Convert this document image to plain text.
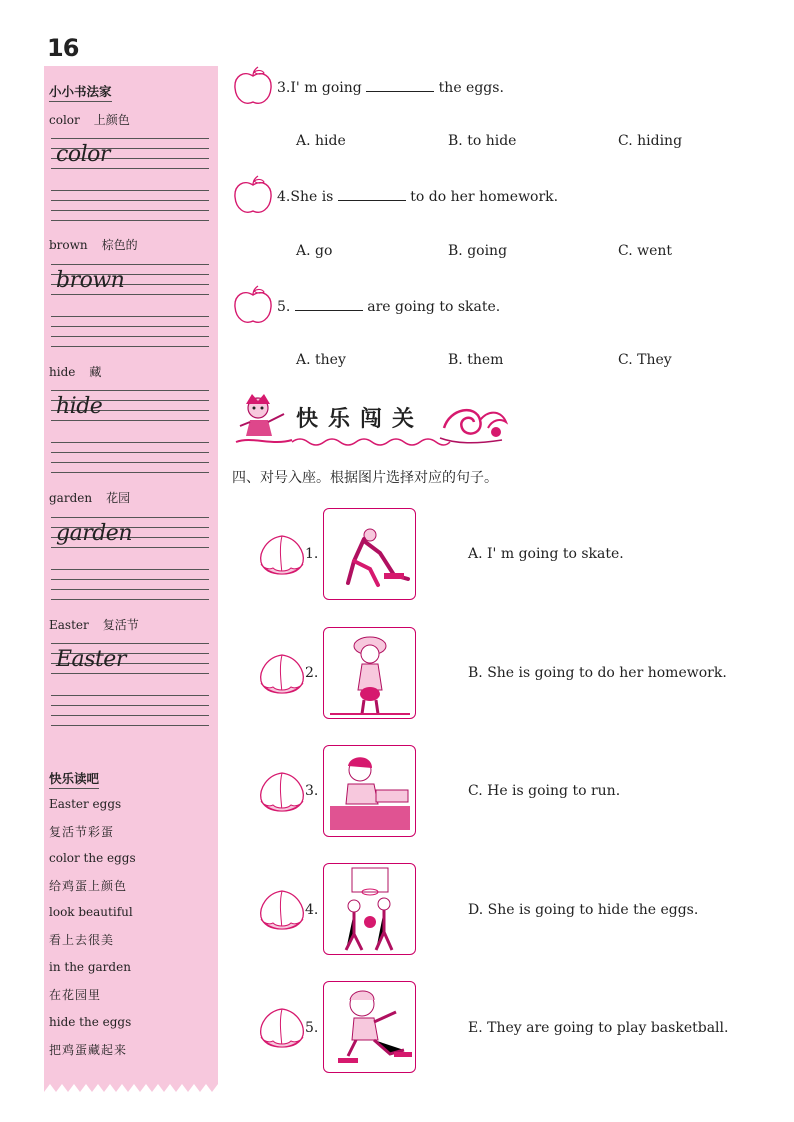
16
小小书法家
color 上颜色
color
brown 棕色的
brown
hide 藏
hide
garden 花园
garden
Easter 复活节
Easter
快乐读吧
Easter eggs
复活节彩蛋
color the eggs
给鸡蛋上颜色
look beautiful
看上去很美
in the garden
在花园里
hide the eggs
把鸡蛋藏起来
3.I' m going	the eggs.
A. hide	B. to hide	C. hiding
4.She is	to do her homework.
A. go	B. going	C. went
5.	are going to skate.
A. they	B. them	C. They
快乐闯关
四、对号入座。根据图片选择对应的句子。
1.	A. I' m going to skate.
2.	B. She is going to do her homework.
3.	C. He is going to run.
4.	D. She is going to hide the eggs.
5.	E. They are going to play basketball.
